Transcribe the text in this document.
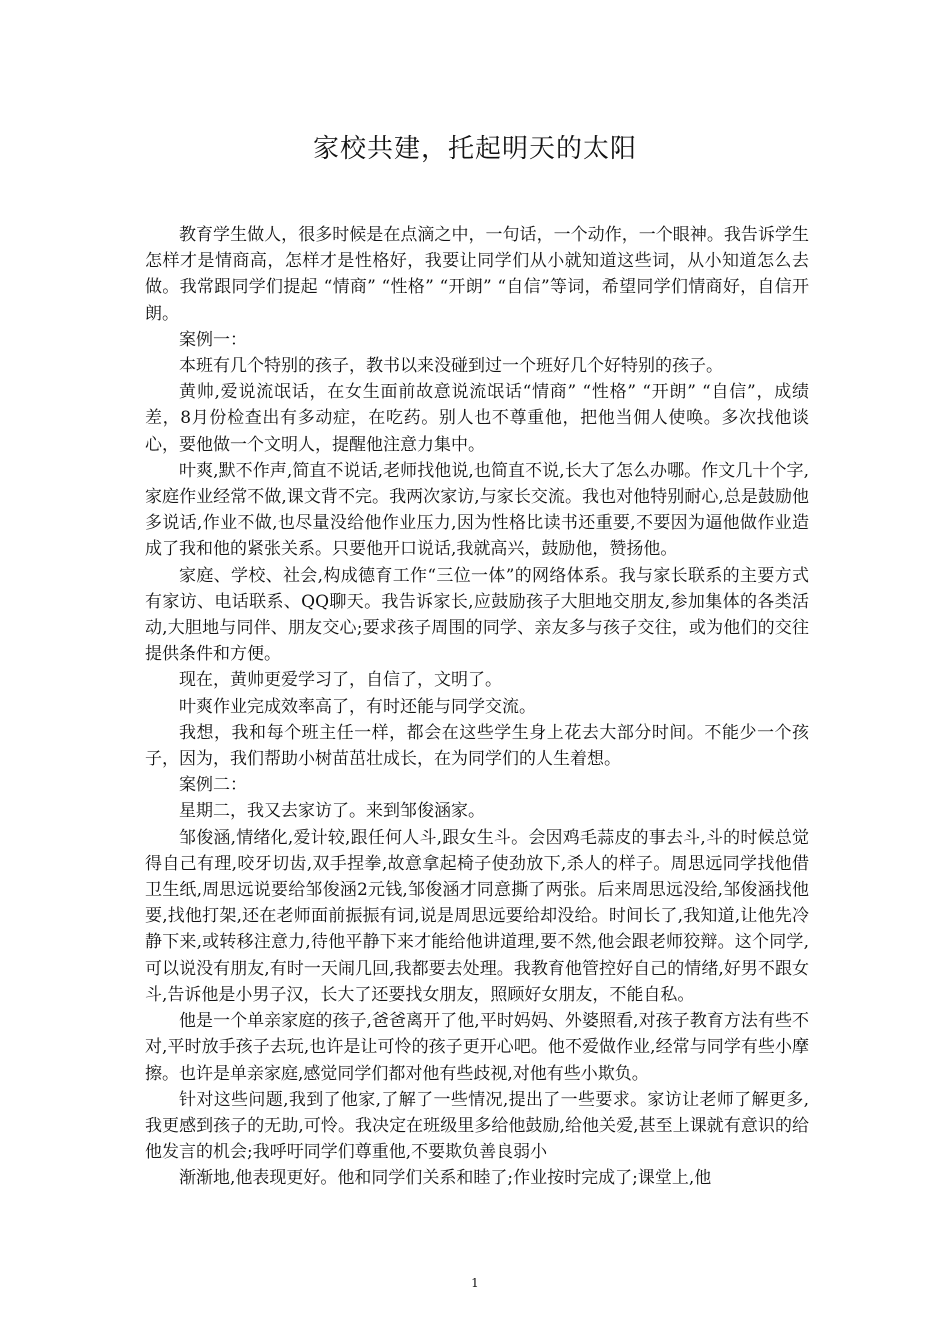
家校共建，托起明天的太阳

教育学生做人，很多时候是在点滴之中，一句话，一个动作，一个眼神。我告诉学生怎样才是情商高，怎样才是性格好，我要让同学们从小就知道这些词，从小知道怎么去做。我常跟同学们提起 “情商” “性格” “开朗” “自信”等词，希望同学们情商好，自信开朗。

案例一：

本班有几个特别的孩子，教书以来没碰到过一个班好几个好特别的孩子。

黄帅,爱说流氓话，在女生面前故意说流氓话“情商” “性格” “开朗” “自信”，成绩差，8月份检查出有多动症，在吃药。别人也不尊重他，把他当佣人使唤。多次找他谈心，要他做一个文明人，提醒他注意力集中。

叶爽,默不作声,简直不说话,老师找他说,也简直不说,长大了怎么办哪。作文几十个字,家庭作业经常不做,课文背不完。我两次家访,与家长交流。我也对他特别耐心,总是鼓励他多说话,作业不做,也尽量没给他作业压力,因为性格比读书还重要,不要因为逼他做作业造成了我和他的紧张关系。只要他开口说话,我就高兴，鼓励他，赞扬他。

家庭、学校、社会,构成德育工作“三位一体”的网络体系。我与家长联系的主要方式有家访、电话联系、QQ聊天。我告诉家长,应鼓励孩子大胆地交朋友,参加集体的各类活动,大胆地与同伴、朋友交心;要求孩子周围的同学、亲友多与孩子交往，或为他们的交往提供条件和方便。

现在，黄帅更爱学习了，自信了，文明了。

叶爽作业完成效率高了，有时还能与同学交流。

我想，我和每个班主任一样，都会在这些学生身上花去大部分时间。不能少一个孩子，因为，我们帮助小树苗茁壮成长，在为同学们的人生着想。

案例二：

星期二，我又去家访了。来到邹俊涵家。

邹俊涵,情绪化,爱计较,跟任何人斗,跟女生斗。会因鸡毛蒜皮的事去斗,斗的时候总觉得自己有理,咬牙切齿,双手捏拳,故意拿起椅子使劲放下,杀人的样子。周思远同学找他借卫生纸,周思远说要给邹俊涵2元钱,邹俊涵才同意撕了两张。后来周思远没给,邹俊涵找他要,找他打架,还在老师面前振振有词,说是周思远要给却没给。时间长了,我知道,让他先冷静下来,或转移注意力,待他平静下来才能给他讲道理,要不然,他会跟老师狡辩。这个同学,可以说没有朋友,有时一天闹几回,我都要去处理。我教育他管控好自己的情绪,好男不跟女斗,告诉他是小男子汉，长大了还要找女朋友，照顾好女朋友，不能自私。

他是一个单亲家庭的孩子,爸爸离开了他,平时妈妈、外婆照看,对孩子教育方法有些不对,平时放手孩子去玩,也许是让可怜的孩子更开心吧。他不爱做作业,经常与同学有些小摩擦。也许是单亲家庭,感觉同学们都对他有些歧视,对他有些小欺负。

针对这些问题,我到了他家,了解了一些情况,提出了一些要求。家访让老师了解更多,我更感到孩子的无助,可怜。我决定在班级里多给他鼓励,给他关爱,甚至上课就有意识的给他发言的机会;我呼吁同学们尊重他,不要欺负善良弱小

渐渐地,他表现更好。他和同学们关系和睦了;作业按时完成了;课堂上,他

1
